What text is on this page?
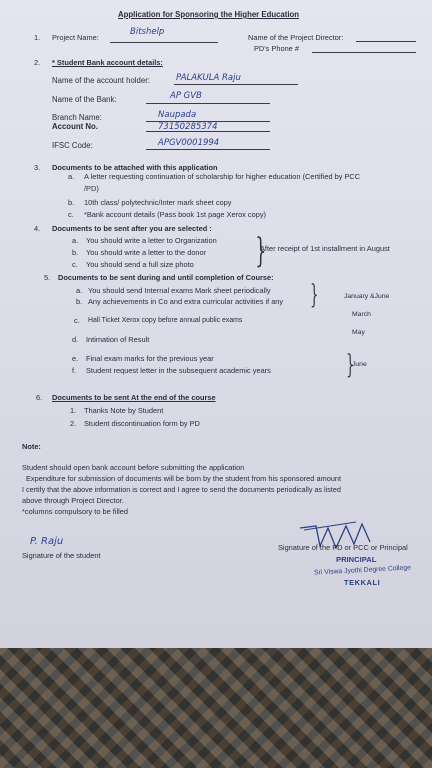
Application for Sponsoring the Higher Education
1. Project Name:
Bitshelp
Name of the Project Director:
PD's Phone #
2. * Student Bank account details:
Name of the account holder:	PALAKULA Raju
Name of the Bank:	AP GVB
Branch Name:	Naupada
Account No.	73150285374
IFSC Code:	APGV0001994
3. Documents to be attached with this application
a. A letter requesting continuation of scholarship for higher education (Certified by PCC
/PD)
b. 10th class/ polytechnic/Inter mark sheet copy
c. *Bank account details (Pass book 1st page Xerox copy)
4. Documents to be sent after you are selected :
a. You should write a letter to Organization
b. You should write a letter to the donor
c. You should send a full size photo }
After receipt of 1st installment in August
5. Documents to be sent during and until completion of Course:
a. You should send Internal exams Mark sheet periodically
b. Any achievements in Co and extra curricular activities if any }	January &June
c. Hall Ticket Xerox copy before annual public exams
March
d. Intimation of Result
May
e. Final exam marks for the previous year
f. Student request letter in the subsequent academic years	}
June
6. Documents to be sent At the end of the course
1. Thanks Note by Student
2. Student discontinuation form by PD
Note:
Student should open bank account before submitting the application
Expenditure for submission of documents will be born by the student from his sponsored amount
I certify that the above information is correct and I agree to send the documents periodically as listed
above through Project Director.
*columns compulsory to be filled
P. Raju
Signature of the student
Signature of the PD or PCC or Principal
PRINCIPAL
Sri Viswa Jyothi Degree College
TEKKALI
